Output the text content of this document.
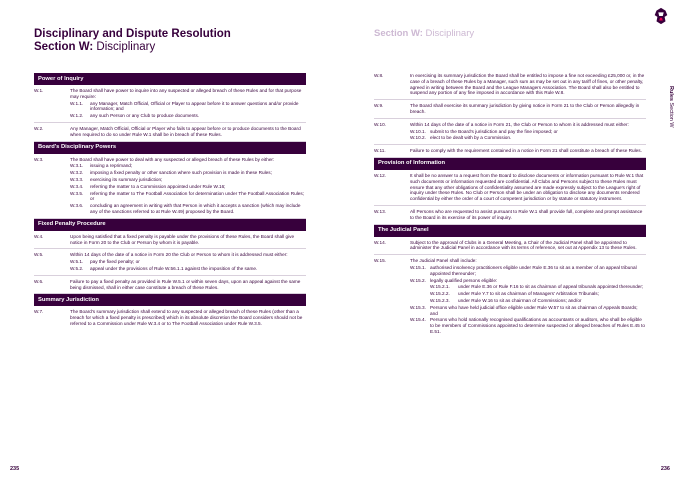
Disciplinary and Dispute Resolution
Section W: Disciplinary
Power of Inquiry
W.1.	The Board shall have power to inquire into any suspected or alleged breach of these Rules and for that purpose may require:
W.1.1.	any Manager, Match Official, Official or Player to appear before it to answer questions and/or provide information; and
W.1.2.	any such Person or any Club to produce documents.
W.2.	Any Manager, Match Official, Official or Player who fails to appear before or to produce documents to the Board when required to do so under Rule W.1 shall be in breach of these Rules.
Board's Disciplinary Powers
W.3.	The Board shall have power to deal with any suspected or alleged breach of these Rules by either:
W.3.1.	issuing a reprimand;
W.3.2.	imposing a fixed penalty or other sanction where such provision is made in these Rules;
W.3.3.	exercising its summary jurisdiction;
W.3.4.	referring the matter to a Commission appointed under Rule W.16;
W.3.5.	referring the matter to The Football Association for determination under The Football Association Rules; or
W.3.6.	concluding an agreement in writing with that Person in which it accepts a sanction (which may include any of the sanctions referred to at Rule W.49) proposed by the Board.
Fixed Penalty Procedure
W.4.	Upon being satisfied that a fixed penalty is payable under the provisions of these Rules, the Board shall give notice in Form 20 to the Club or Person by whom it is payable.
W.5.	Within 14 days of the date of a notice in Form 20 the Club or Person to whom it is addressed must either:
W.5.1.	pay the fixed penalty; or
W.5.2.	appeal under the provisions of Rule W.56.1.1 against the imposition of the same.
W.6.	Failure to pay a fixed penalty as provided in Rule W.5.1 or within seven days, upon an appeal against the same being dismissed, shall in either case constitute a breach of these Rules.
Summary Jurisdiction
W.7.	The Board's summary jurisdiction shall extend to any suspected or alleged breach of these Rules (other than a breach for which a fixed penalty is prescribed) which in its absolute discretion the Board considers should not be referred to a Commission under Rule W.3.4 or to The Football Association under Rule W.3.5.
235
Section W: Disciplinary
Rules Section W
W.8.	In exercising its summary jurisdiction the Board shall be entitled to impose a fine not exceeding £25,000 or, in the case of a breach of these Rules by a Manager, such sum as may be set out in any tariff of fines, or other penalty, agreed in writing between the Board and the League Managers Association. The Board shall also be entitled to suspend any portion of any fine imposed in accordance with this Rule W.8.
W.9.	The Board shall exercise its summary jurisdiction by giving notice in Form 21 to the Club or Person allegedly in breach.
W.10.	Within 14 days of the date of a notice in Form 21, the Club or Person to whom it is addressed must either:
W.10.1. submit to the Board's jurisdiction and pay the fine imposed; or
W.10.2. elect to be dealt with by a Commission.
W.11.	Failure to comply with the requirement contained in a notice in Form 21 shall constitute a breach of these Rules.
Provision of Information
W.12.	It shall be no answer to a request from the Board to disclose documents or information pursuant to Rule W.1 that such documents or information requested are confidential. All Clubs and Persons subject to these Rules must ensure that any other obligations of confidentiality assumed are made expressly subject to the League's right of inquiry under these Rules. No Club or Person shall be under an obligation to disclose any documents rendered confidential by either the order of a court of competent jurisdiction or by statute or statutory instrument.
W.13.	All Persons who are requested to assist pursuant to Rule W.1 shall provide full, complete and prompt assistance to the Board in its exercise of its power of inquiry.
The Judicial Panel
W.14.	Subject to the approval of Clubs in a General Meeting, a Chair of the Judicial Panel shall be appointed to administer the Judicial Panel in accordance with its terms of reference, set out at Appendix 13 to these Rules.
W.15.	The Judicial Panel shall include:
W.15.1. authorised insolvency practitioners eligible under Rule E.36 to sit as a member of an appeal tribunal appointed thereunder;
W.15.2. legally qualified persons eligible:
W.15.2.1.	under Rule E.36 or Rule F.16 to sit as chairman of appeal tribunals appointed thereunder;
W.15.2.2.	under Rule Y.7 to sit as chairman of Managers' Arbitration Tribunals;
W.15.2.3.	under Rule W.16 to sit as chairman of Commissions; and/or
W.15.3. Persons who have held judicial office eligible under Rule W.57 to sit as chairman of Appeals Boards; and
W.15.4. Persons who hold nationally recognised qualifications as accountants or auditors, who shall be eligible to be members of Commissions appointed to determine suspected or alleged breaches of Rules E.45 to E.51.
236
